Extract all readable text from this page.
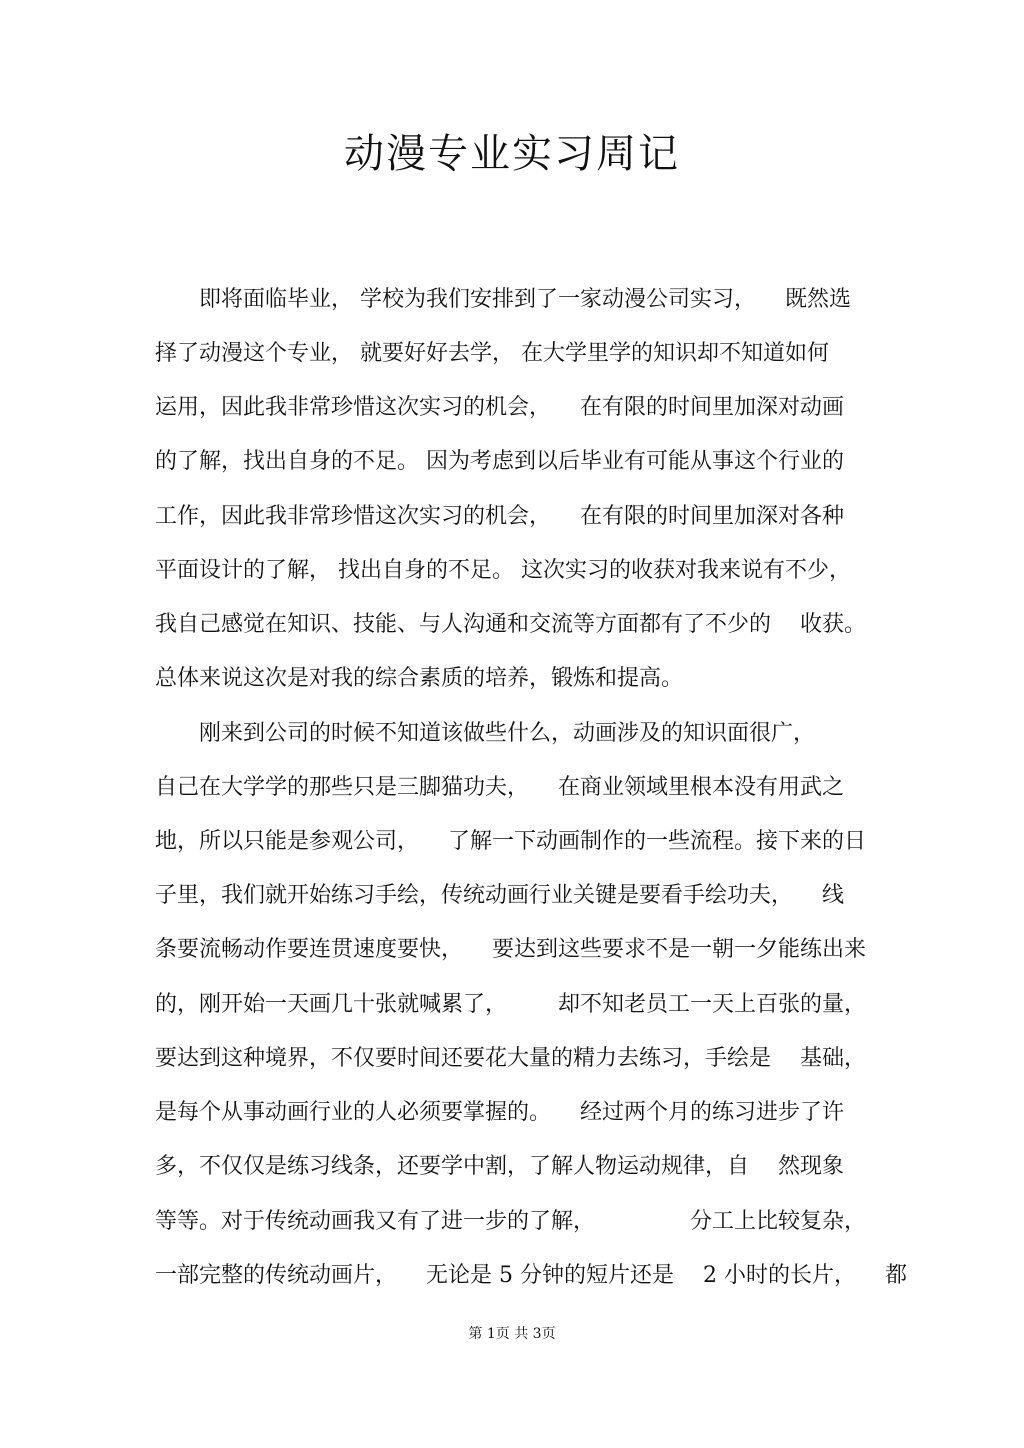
动漫专业实习周记
　　即将面临毕业， 学校为我们安排到了一家动漫公司实习， 　既然选
择了动漫这个专业， 就要好好去学， 在大学里学的知识却不知道如何
运用，因此我非常珍惜这次实习的机会， 　在有限的时间里加深对动画
的了解，找出自身的不足。 因为考虑到以后毕业有可能从事这个行业的
工作，因此我非常珍惜这次实习的机会， 　在有限的时间里加深对各种
平面设计的了解， 找出自身的不足。 这次实习的收获对我来说有不少，
我自己感觉在知识、技能、与人沟通和交流等方面都有了不少的 　收获。
总体来说这次是对我的综合素质的培养，锻炼和提高。
　　刚来到公司的时候不知道该做些什么，动画涉及的知识面很广，
自己在大学学的那些只是三脚猫功夫， 　在商业领域里根本没有用武之
地，所以只能是参观公司， 　了解一下动画制作的一些流程。接下来的日
子里，我们就开始练习手绘，传统动画行业关键是要看手绘功夫， 　线
条要流畅动作要连贯速度要快， 　要达到这些要求不是一朝一夕能练出来
的，刚开始一天画几十张就喊累了， 　　却不知老员工一天上百张的量，
要达到这种境界，不仅要时间还要花大量的精力去练习，手绘是 　基础，
是每个从事动画行业的人必须要掌握的。 　经过两个月的练习进步了许
多，不仅仅是练习线条，还要学中割，了解人物运动规律，自 　然现象
等等。对于传统动画我又有了进一步的了解， 　　　　分工上比较复杂，
一部完整的传统动画片， 　无论是 5 分钟的短片还是 　2 小时的长片， 　都
第 1页 共 3页
